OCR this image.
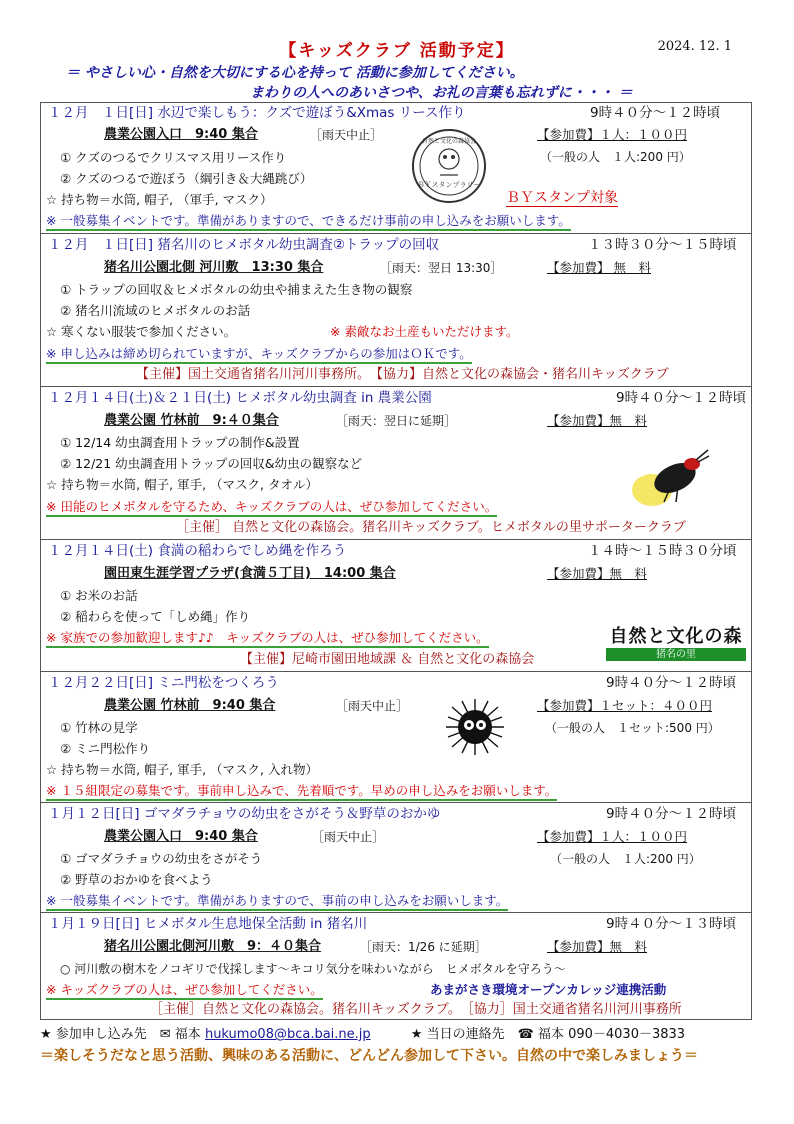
【キッズクラブ 活動予定】	2024. 12. 1
＝ やさしい心・自然を大切にする心を持って 活動に参加してください。
まわりの人へのあいさつや、お礼の言葉も忘れずに・・・ ＝
１２月　１日[日] 水辺で楽しもう：クズで遊ぼう&Xmas リース作り	9時４０分～１２時頃
農業公園入口　9:40 集合	［雨天中止］	【参加費】１人：１００円
（一般の人　１人:200 円）
① クズのつるでクリスマス用リース作り
② クズのつるで遊ぼう（綱引き＆大縄跳び）
☆ 持ち物＝水筒, 帽子, （軍手, マスク）	ＢＹスタンプ対象
※ 一般募集イベントです。準備がありますので、できるだけ事前の申し込みをお願いします。
ＢＹスタンプラリー
自然と文化の森協会
１２月　１日[日] 猪名川のヒメボタル幼虫調査②トラップの回収	１３時３０分～１５時頃
猪名川公園北側 河川敷　13:30 集合	［雨天：翌日 13:30］	【参加費】 無　料
① トラップの回収＆ヒメボタルの幼虫や捕まえた生き物の観察
② 猪名川流域のヒメボタルのお話
☆ 寒くない服装で参加ください。	※ 素敵なお土産もいただけます。
※ 申し込みは締め切られていますが、キッズクラブからの参加はＯＫです。
【主催】国土交通省猪名川河川事務所。　【協力】自然と文化の森協会・猪名川キッズクラブ
１２月１４日(土)＆２１日(土) ヒメボタル幼虫調査 in 農業公園	9時４０分～１２時頃
農業公園 竹林前　9:４０集合	［雨天：翌日に延期］	【参加費】無　料
① 12/14 幼虫調査用トラップの制作&設置
② 12/21 幼虫調査用トラップの回収&幼虫の観察など
☆ 持ち物＝水筒, 帽子, 軍手, （マスク, タオル）
※ 田能のヒメボタルを守るため、キッズクラブの人は、ぜひ参加してください。
［主催］ 自然と文化の森協会。猪名川キッズクラブ。ヒメボタルの里サポータークラブ
１２月１４日(土) 食満の稲わらでしめ縄を作ろう	１４時～１５時３０分頃
園田東生涯学習プラザ(食満５丁目)　14:00 集合	【参加費】無　料
① お米のお話
② 稲わらを使って「しめ縄」作り
※ 家族での参加歓迎します♪♪　キッズクラブの人は、ぜひ参加してください。
【主催】尼崎市園田地域課 ＆ 自然と文化の森協会
自然と文化の森
猪名の里
１２月２２日[日] ミニ門松をつくろう	9時４０分～１２時頃
農業公園 竹林前　9:40 集合	［雨天中止］	【参加費】１セット：４００円
（一般の人　１セット:500 円）
① 竹林の見学
② ミニ門松作り
☆ 持ち物＝水筒, 帽子, 軍手, （マスク, 入れ物）
※ １５組限定の募集です。事前申し込みで、先着順です。早めの申し込みをお願いします。
１月１２日[日] ゴマダラチョウの幼虫をさがそう＆野草のおかゆ	9時４０分～１２時頃
農業公園入口　9:40 集合	［雨天中止］	【参加費】１人：１００円
（一般の人　１人:200 円）
① ゴマダラチョウの幼虫をさがそう
② 野草のおかゆを食べよう
※ 一般募集イベントです。準備がありますので、事前の申し込みをお願いします。
１月１９日[日] ヒメボタル生息地保全活動 in 猪名川	9時４０分～１３時頃
猪名川公園北側河川敷　9：４０集合	［雨天：1/26 に延期］	【参加費】無　料
○ 河川敷の樹木をノコギリで伐採します～キコリ気分を味わいながら　ヒメボタルを守ろう～
※ キッズクラブの人は、ぜひ参加してください。	あまがさき環境オープンカレッジ連携活動
［主催］自然と文化の森協会。猪名川キッズクラブ。　［協力］国土交通省猪名川河川事務所
★ 参加申し込み先　✉ 福本 hukumo08@bca.bai.ne.jp	★ 当日の連絡先　☎ 福本 090－4030－3833
＝楽しそうだなと思う活動、興味のある活動に、どんどん参加して下さい。自然の中で楽しみましょう＝
